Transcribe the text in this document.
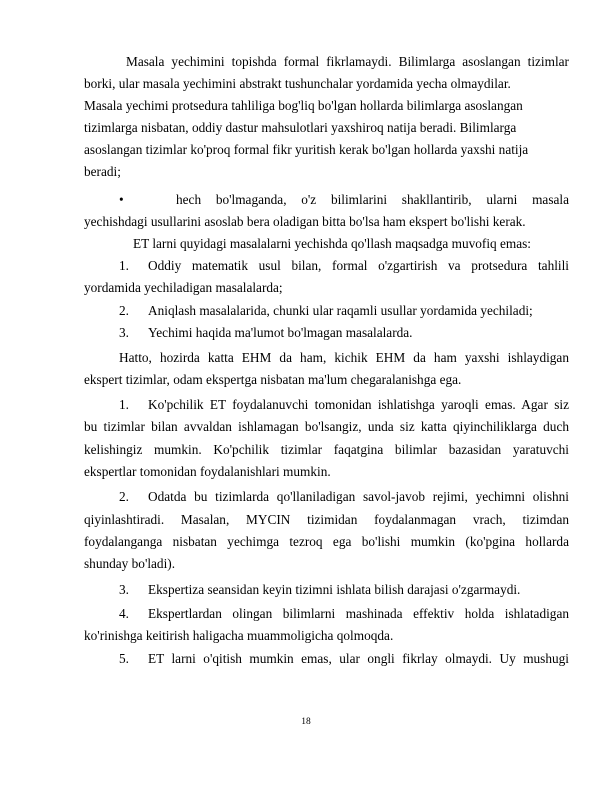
Masala yechimini topishda formal fikrlamaydi. Bilimlarga asoslangan tizimlar
borki, ular masala yechimini abstrakt tushunchalar yordamida yecha olmaydilar.
Masala yechimi protsedura tahliliga bog'liq bo'lgan hollarda bilimlarga asoslangan
tizimlarga nisbatan, oddiy dastur mahsulotlari yaxshiroq natija beradi. Bilimlarga
asoslangan tizimlar ko'proq formal fikr yuritish kerak bo'lgan hollarda yaxshi natija
beradi;
•	hech bo'lmaganda, o'z bilimlarini shakllantirib, ularni masala
yechishdagi usullarini asoslab bera oladigan bitta bo'lsa ham ekspert bo'lishi kerak.
ET larni quyidagi masalalarni yechishda qo'llash maqsadga muvofiq emas:
1. Oddiy matematik usul bilan, formal o'zgartirish va protsedura tahlili
yordamida yechiladigan masalalarda;
2. Aniqlash masalalarida, chunki ular raqamli usullar yordamida yechiladi;
3. Yechimi haqida ma'lumot bo'lmagan masalalarda.
Hatto, hozirda katta EHM da ham, kichik EHM da ham yaxshi ishlaydigan
ekspert tizimlar, odam ekspertga nisbatan ma'lum chegaralanishga ega.
1. Ko'pchilik ET foydalanuvchi tomonidan ishlatishga yaroqli emas. Agar siz
bu tizimlar bilan avvaldan ishlamagan bo'lsangiz, unda siz katta qiyinchiliklarga duch
kelishingiz mumkin. Ko'pchilik tizimlar faqatgina bilimlar bazasidan yaratuvchi
ekspertlar tomonidan foydalanishlari mumkin.
2. Odatda bu tizimlarda qo'llaniladigan savol-javob rejimi, yechimni olishni
qiyinlashtiradi. Masalan, MYCIN tizimidan foydalanmagan vrach, tizimdan
foydalanganga nisbatan yechimga tezroq ega bo'lishi mumkin (ko'pgina hollarda
shunday bo'ladi).
3. Ekspertiza seansidan keyin tizimni ishlata bilish darajasi o'zgarmaydi.
4. Ekspertlardan olingan bilimlarni mashinada effektiv holda ishlatadigan
ko'rinishga keitirish haligacha muammoligicha qolmoqda.
5. ET larni o'qitish mumkin emas, ular ongli fikrlay olmaydi. Uy mushugi
18
